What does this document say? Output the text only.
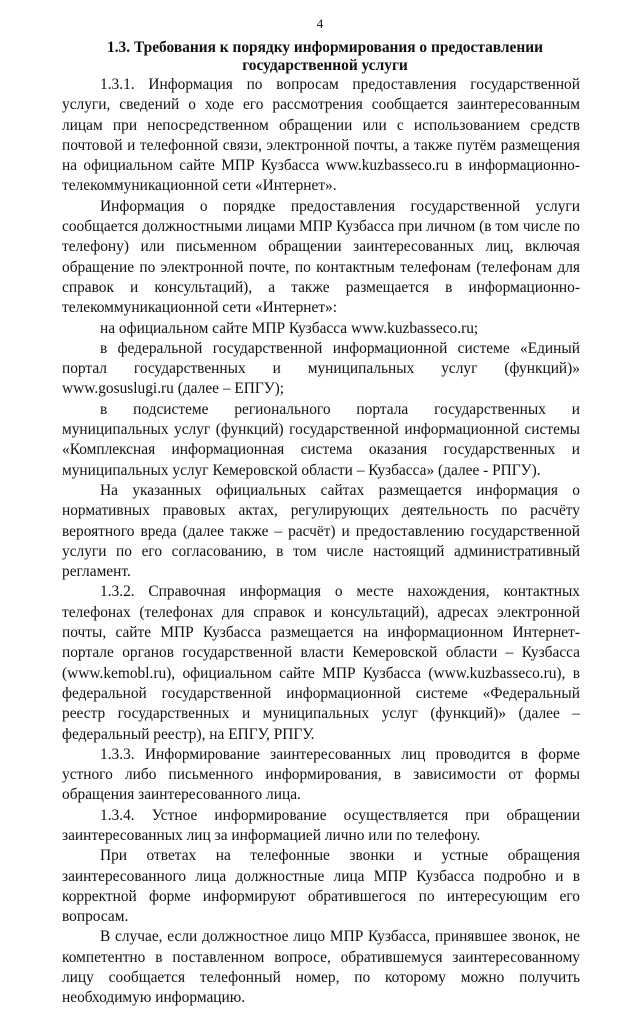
4
1.3. Требования к порядку информирования о предоставлении
государственной услуги

1.3.1. Информация по вопросам предоставления государственной услуги, сведений о ходе его рассмотрения сообщается заинтересованным лицам при непосредственном обращении или с использованием средств почтовой и телефонной связи, электронной почты, а также путём размещения на официальном сайте МПР Кузбасса www.kuzbasseco.ru в информационно-телекоммуникационной сети «Интернет».

Информация о порядке предоставления государственной услуги сообщается должностными лицами МПР Кузбасса при личном (в том числе по телефону) или письменном обращении заинтересованных лиц, включая обращение по электронной почте, по контактным телефонам (телефонам для справок и консультаций), а также размещается в информационно-телекоммуникационной сети «Интернет»:

на официальном сайте МПР Кузбасса www.kuzbasseco.ru;

в федеральной государственной информационной системе «Единый портал государственных и муниципальных услуг (функций)» www.gosuslugi.ru (далее – ЕПГУ);

в подсистеме регионального портала государственных и муниципальных услуг (функций) государственной информационной системы «Комплексная информационная система оказания государственных и муниципальных услуг Кемеровской области – Кузбасса» (далее - РПГУ).

На указанных официальных сайтах размещается информация о нормативных правовых актах, регулирующих деятельность по расчёту вероятного вреда (далее также – расчёт) и предоставлению государственной услуги по его согласованию, в том числе настоящий административный регламент.

1.3.2. Справочная информация о месте нахождения, контактных телефонах (телефонах для справок и консультаций), адресах электронной почты, сайте МПР Кузбасса размещается на информационном Интернет-портале органов государственной власти Кемеровской области – Кузбасса (www.kemobl.ru), официальном сайте МПР Кузбасса (www.kuzbasseco.ru), в федеральной государственной информационной системе «Федеральный реестр государственных и муниципальных услуг (функций)» (далее – федеральный реестр), на ЕПГУ, РПГУ.

1.3.3. Информирование заинтересованных лиц проводится в форме устного либо письменного информирования, в зависимости от формы обращения заинтересованного лица.

1.3.4. Устное информирование осуществляется при обращении заинтересованных лиц за информацией лично или по телефону.

При ответах на телефонные звонки и устные обращения заинтересованного лица должностные лица МПР Кузбасса подробно и в корректной форме информируют обратившегося по интересующим его вопросам.

В случае, если должностное лицо МПР Кузбасса, принявшее звонок, не компетентно в поставленном вопросе, обратившемуся заинтересованному лицу сообщается телефонный номер, по которому можно получить необходимую информацию.
